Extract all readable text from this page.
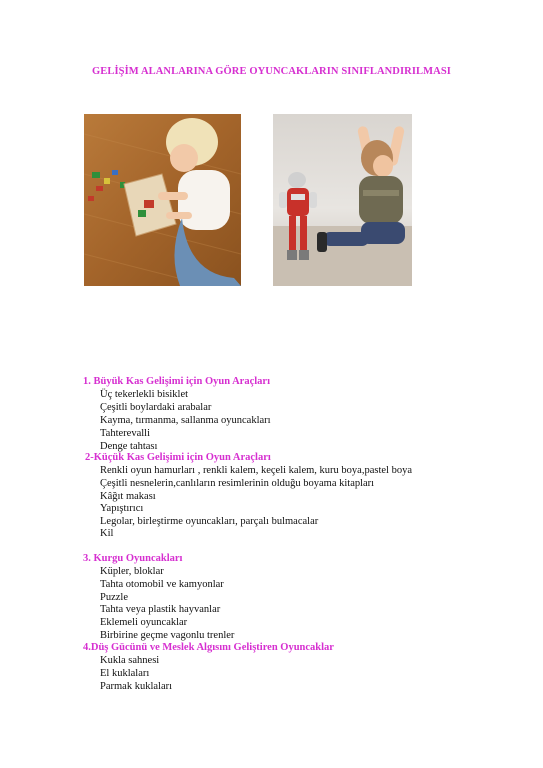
GELİŞİM ALANLARINA GÖRE OYUNCAKLARIN SINIFLANDIRILMASI
1. Büyük Kas Gelişimi için Oyun Araçları
Üç tekerlekli bisiklet
Çeşitli boylardaki arabalar
Kayma, tırmanma, sallanma oyuncakları
Tahterevalli
Denge tahtası
2-Küçük Kas Gelişimi için Oyun Araçları
Renkli oyun hamurları , renkli kalem, keçeli kalem, kuru boya,pastel boya
Çeşitli nesnelerin,canlıların resimlerinin olduğu boyama kitapları
Kâğıt makası
Yapıştırıcı
Legolar, birleştirme oyuncakları, parçalı bulmacalar
Kil
3. Kurgu Oyuncakları
Küpler, bloklar
Tahta otomobil ve kamyonlar
Puzzle
Tahta veya plastik hayvanlar
Eklemeli oyuncaklar
Birbirine geçme vagonlu trenler
4.Düş Gücünü ve Meslek Algısını Geliştiren Oyuncaklar
Kukla sahnesi
El kuklaları
Parmak kuklaları
